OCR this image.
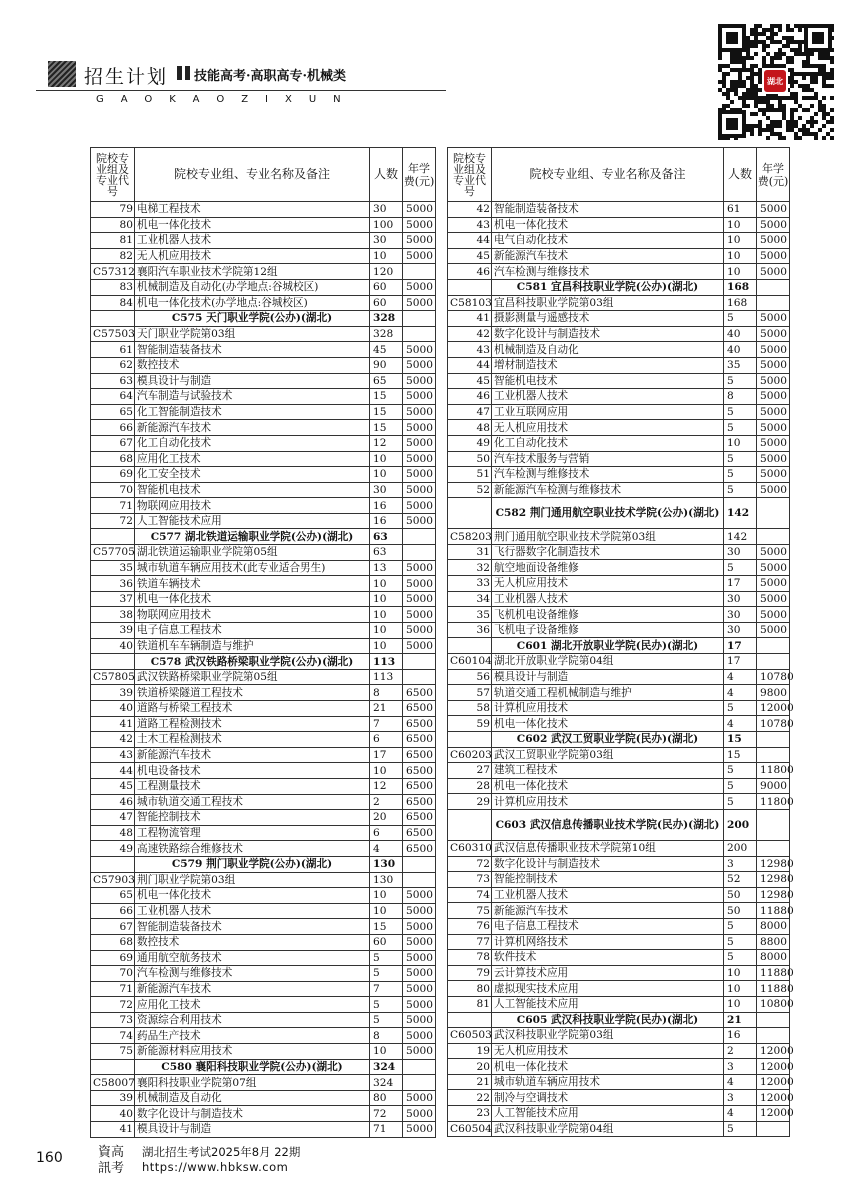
招生计划 技能高考·高职高专·机械类
GAOKAOZIXUN
湖北
院校专业组及专业代号	院校专业组、专业名称及备注	人数	年学费(元)
79	电梯工程技术	30	5000
80	机电一体化技术	100	5000
81	工业机器人技术	30	5000
82	无人机应用技术	10	5000
C57312	襄阳汽车职业技术学院第12组	120	
83	机械制造及自动化(办学地点:谷城校区)	60	5000
84	机电一体化技术(办学地点:谷城校区)	60	5000
	C575 天门职业学院(公办)(湖北)	328	
C57503	天门职业学院第03组	328	
61	智能制造装备技术	45	5000
62	数控技术	90	5000
63	模具设计与制造	65	5000
64	汽车制造与试验技术	15	5000
65	化工智能制造技术	15	5000
66	新能源汽车技术	15	5000
67	化工自动化技术	12	5000
68	应用化工技术	10	5000
69	化工安全技术	10	5000
70	智能机电技术	30	5000
71	物联网应用技术	16	5000
72	人工智能技术应用	16	5000
	C577 湖北铁道运输职业学院(公办)(湖北)	63	
C57705	湖北铁道运输职业学院第05组	63	
35	城市轨道车辆应用技术(此专业适合男生)	13	5000
36	铁道车辆技术	10	5000
37	机电一体化技术	10	5000
38	物联网应用技术	10	5000
39	电子信息工程技术	10	5000
40	铁道机车车辆制造与维护	10	5000
	C578 武汉铁路桥梁职业学院(公办)(湖北)	113	
C57805	武汉铁路桥梁职业学院第05组	113	
39	铁道桥梁隧道工程技术	8	6500
40	道路与桥梁工程技术	21	6500
41	道路工程检测技术	7	6500
42	土木工程检测技术	6	6500
43	新能源汽车技术	17	6500
44	机电设备技术	10	6500
45	工程测量技术	12	6500
46	城市轨道交通工程技术	2	6500
47	智能控制技术	20	6500
48	工程物流管理	6	6500
49	高速铁路综合维修技术	4	6500
	C579 荆门职业学院(公办)(湖北)	130	
C57903	荆门职业学院第03组	130	
65	机电一体化技术	10	5000
66	工业机器人技术	10	5000
67	智能制造装备技术	15	5000
68	数控技术	60	5000
69	通用航空航务技术	5	5000
70	汽车检测与维修技术	5	5000
71	新能源汽车技术	7	5000
72	应用化工技术	5	5000
73	资源综合利用技术	5	5000
74	药品生产技术	8	5000
75	新能源材料应用技术	10	5000
	C580 襄阳科技职业学院(公办)(湖北)	324	
C58007	襄阳科技职业学院第07组	324	
39	机械制造及自动化	80	5000
40	数字化设计与制造技术	72	5000
41	模具设计与制造	71	5000
院校专业组及专业代号	院校专业组、专业名称及备注	人数	年学费(元)
42	智能制造装备技术	61	5000
43	机电一体化技术	10	5000
44	电气自动化技术	10	5000
45	新能源汽车技术	10	5000
46	汽车检测与维修技术	10	5000
	C581 宜昌科技职业学院(公办)(湖北)	168	
C58103	宜昌科技职业学院第03组	168	
41	摄影测量与遥感技术	5	5000
42	数字化设计与制造技术	40	5000
43	机械制造及自动化	40	5000
44	增材制造技术	35	5000
45	智能机电技术	5	5000
46	工业机器人技术	8	5000
47	工业互联网应用	5	5000
48	无人机应用技术	5	5000
49	化工自动化技术	10	5000
50	汽车技术服务与营销	5	5000
51	汽车检测与维修技术	5	5000
52	新能源汽车检测与维修技术	5	5000
	C582 荆门通用航空职业技术学院(公办)(湖北)	142	
C58203	荆门通用航空职业技术学院第03组	142	
31	飞行器数字化制造技术	30	5000
32	航空地面设备维修	5	5000
33	无人机应用技术	17	5000
34	工业机器人技术	30	5000
35	飞机机电设备维修	30	5000
36	飞机电子设备维修	30	5000
	C601 湖北开放职业学院(民办)(湖北)	17	
C60104	湖北开放职业学院第04组	17	
56	模具设计与制造	4	10780
57	轨道交通工程机械制造与维护	4	9800
58	计算机应用技术	5	12000
59	机电一体化技术	4	10780
	C602 武汉工贸职业学院(民办)(湖北)	15	
C60203	武汉工贸职业学院第03组	15	
27	建筑工程技术	5	11800
28	机电一体化技术	5	9000
29	计算机应用技术	5	11800
	C603 武汉信息传播职业技术学院(民办)(湖北)	200	
C60310	武汉信息传播职业技术学院第10组	200	
72	数字化设计与制造技术	3	12980
73	智能控制技术	52	12980
74	工业机器人技术	50	12980
75	新能源汽车技术	50	11880
76	电子信息工程技术	5	8000
77	计算机网络技术	5	8800
78	软件技术	5	8000
79	云计算技术应用	10	11880
80	虚拟现实技术应用	10	11880
81	人工智能技术应用	10	10800
	C605 武汉科技职业学院(民办)(湖北)	21	
C60503	武汉科技职业学院第03组	16	
19	无人机应用技术	2	12000
20	机电一体化技术	3	12000
21	城市轨道车辆应用技术	4	12000
22	制冷与空调技术	3	12000
23	人工智能技术应用	4	12000
C60504	武汉科技职业学院第04组	5	
160	資高
訊考
湖北招生考试2025年8月 22期
https://www.hbksw.com
